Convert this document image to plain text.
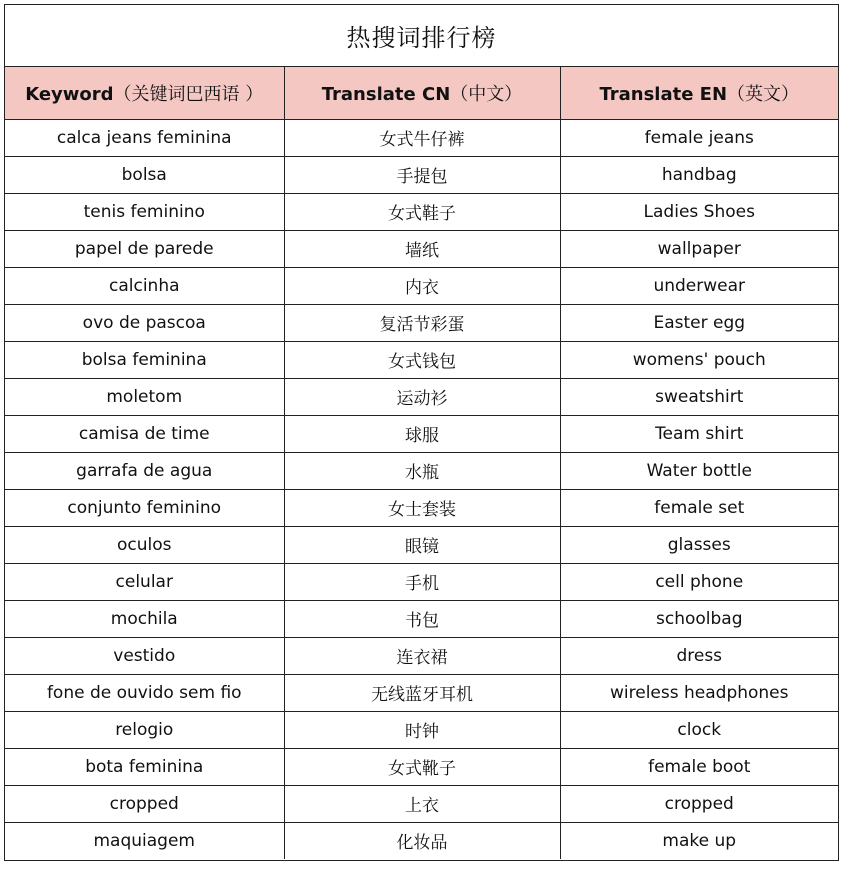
热搜词排行榜
Keyword（关键词巴西语 ）	Translate CN（中文）	Translate EN（英文）
calca jeans feminina	女式牛仔裤	female jeans
bolsa	手提包	handbag
tenis feminino	女式鞋子	Ladies Shoes
papel de parede	墙纸	wallpaper
calcinha	内衣	underwear
ovo de pascoa	复活节彩蛋	Easter egg
bolsa feminina	女式钱包	womens' pouch
moletom	运动衫	sweatshirt
camisa de time	球服	Team shirt
garrafa de agua	水瓶	Water bottle
conjunto feminino	女士套装	female set
oculos	眼镜	glasses
celular	手机	cell phone
mochila	书包	schoolbag
vestido	连衣裙	dress
fone de ouvido sem fio	无线蓝牙耳机	wireless headphones
relogio	时钟	clock
bota feminina	女式靴子	female boot
cropped	上衣	cropped
maquiagem	化妆品	make up
